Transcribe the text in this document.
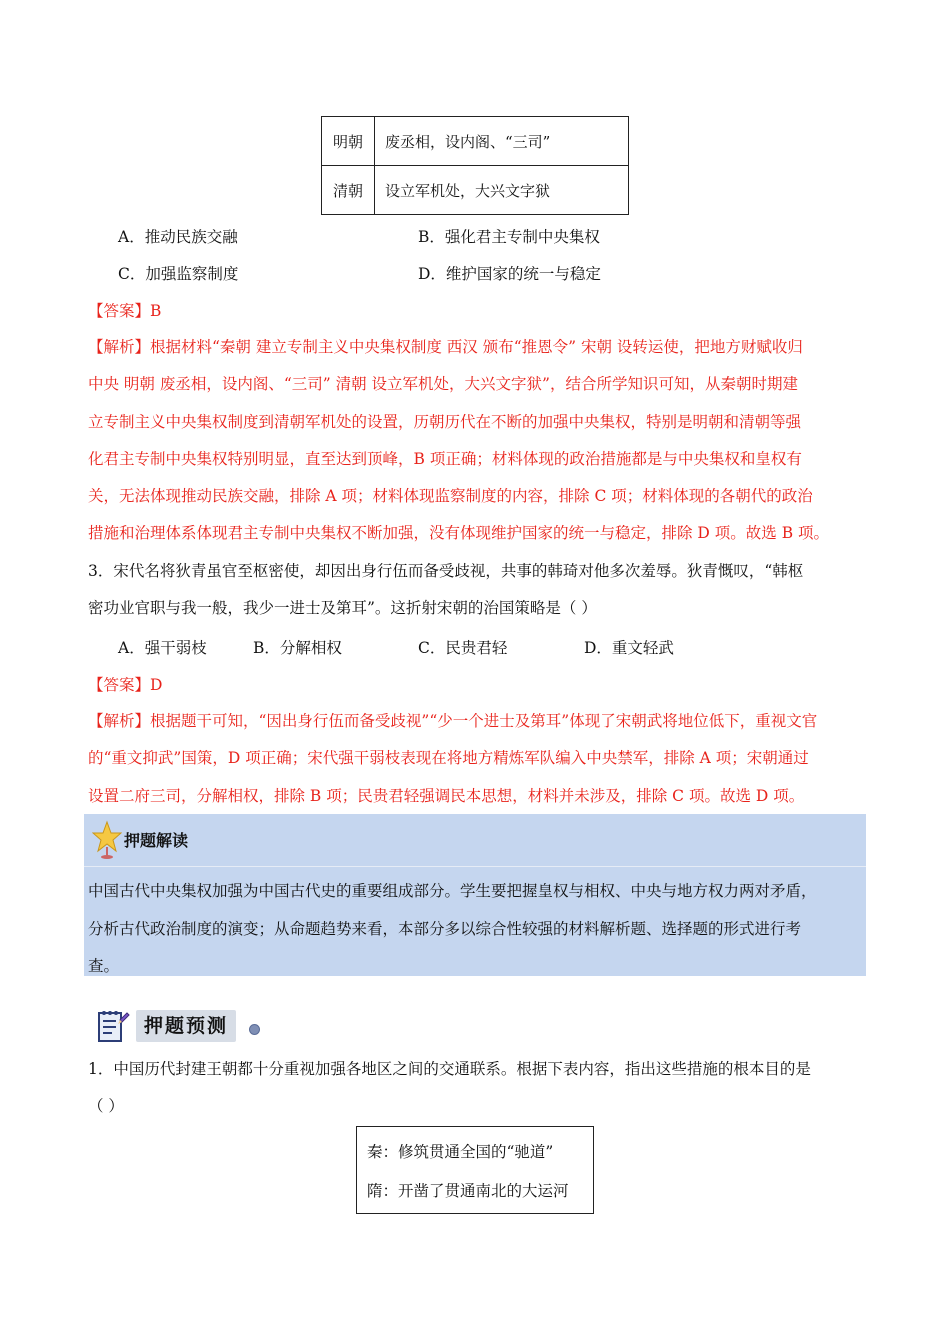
明朝	废丞相，设内阁、“三司”
清朝	设立军机处，大兴文字狱
A．推动民族交融	B．强化君主专制中央集权
C．加强监察制度	D．维护国家的统一与稳定
【答案】B
【解析】根据材料“秦朝 建立专制主义中央集权制度 西汉 颁布“推恩令” 宋朝 设转运使，把地方财赋收归
中央 明朝 废丞相，设内阁、“三司” 清朝 设立军机处，大兴文字狱”，结合所学知识可知，从秦朝时期建
立专制主义中央集权制度到清朝军机处的设置，历朝历代在不断的加强中央集权，特别是明朝和清朝等强
化君主专制中央集权特别明显，直至达到顶峰，B 项正确；材料体现的政治措施都是与中央集权和皇权有
关，无法体现推动民族交融，排除 A 项；材料体现监察制度的内容，排除 C 项；材料体现的各朝代的政治
措施和治理体系体现君主专制中央集权不断加强，没有体现维护国家的统一与稳定，排除 D 项。故选 B 项。
3．宋代名将狄青虽官至枢密使，却因出身行伍而备受歧视，共事的韩琦对他多次羞辱。狄青慨叹，“韩枢
密功业官职与我一般，我少一进士及第耳”。这折射宋朝的治国策略是（ ）
A．强干弱枝	B．分解相权	C．民贵君轻	D．重文轻武
【答案】D
【解析】根据题干可知，“因出身行伍而备受歧视”“少一个进士及第耳”体现了宋朝武将地位低下，重视文官
的“重文抑武”国策，D 项正确；宋代强干弱枝表现在将地方精炼军队编入中央禁军，排除 A 项；宋朝通过
设置二府三司，分解相权，排除 B 项；民贵君轻强调民本思想，材料并未涉及，排除 C 项。故选 D 项。
押题解读
中国古代中央集权加强为中国古代史的重要组成部分。学生要把握皇权与相权、中央与地方权力两对矛盾，
分析古代政治制度的演变；从命题趋势来看，本部分多以综合性较强的材料解析题、选择题的形式进行考
查。
押题预测
1．中国历代封建王朝都十分重视加强各地区之间的交通联系。根据下表内容，指出这些措施的根本目的是
（ ）
秦：修筑贯通全国的“驰道”
隋：开凿了贯通南北的大运河
